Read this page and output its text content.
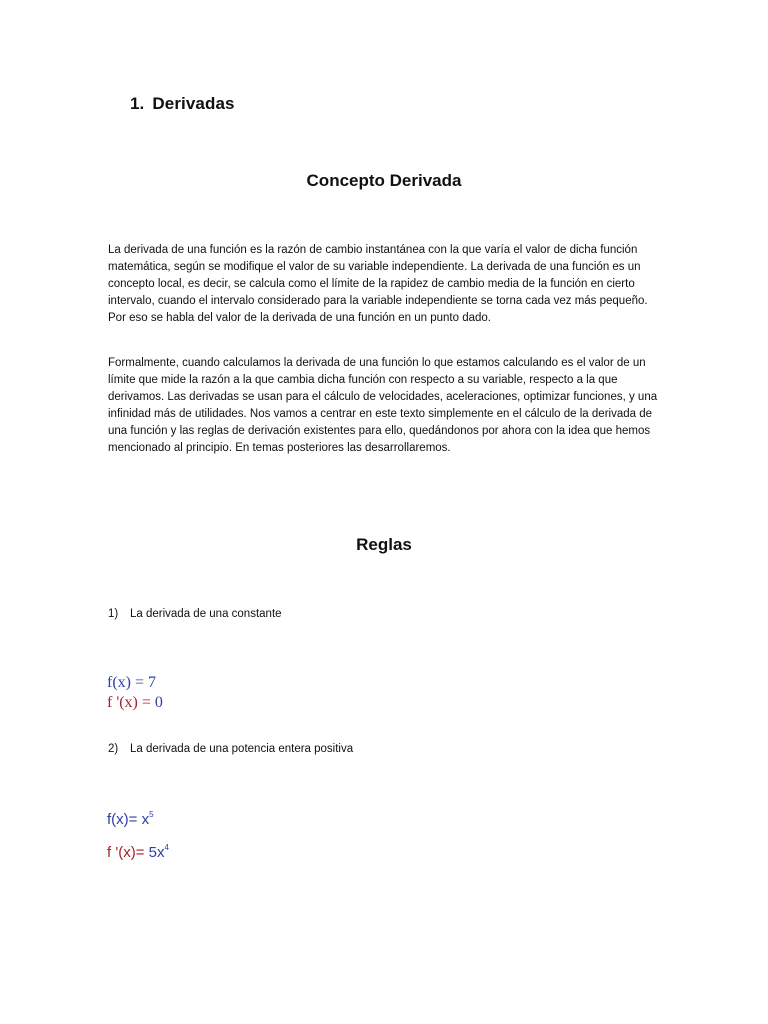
1. Derivadas
Concepto Derivada
La derivada de una función es la razón de cambio instantánea con la que varía el valor de dicha función matemática, según se modifique el valor de su variable independiente. La derivada de una función es un concepto local, es decir, se calcula como el límite de la rapidez de cambio media de la función en cierto intervalo, cuando el intervalo considerado para la variable independiente se torna cada vez más pequeño. Por eso se habla del valor de la derivada de una función en un punto dado.
Formalmente, cuando calculamos la derivada de una función lo que estamos calculando es el valor de un límite que mide la razón a la que cambia dicha función con respecto a su variable, respecto a la que derivamos. Las derivadas se usan para el cálculo de velocidades, aceleraciones, optimizar funciones, y una infinidad más de utilidades. Nos vamos a centrar en este texto simplemente en el cálculo de la derivada de una función y las reglas de derivación existentes para ello, quedándonos por ahora con la idea que hemos mencionado al principio. En temas posteriores las desarrollaremos.
Reglas
1) La derivada de una constante
f(x) = 7
f '(x) = 0
2) La derivada de una potencia entera positiva
$f(x)= x^5$
f '$(x)= 5x^4$
